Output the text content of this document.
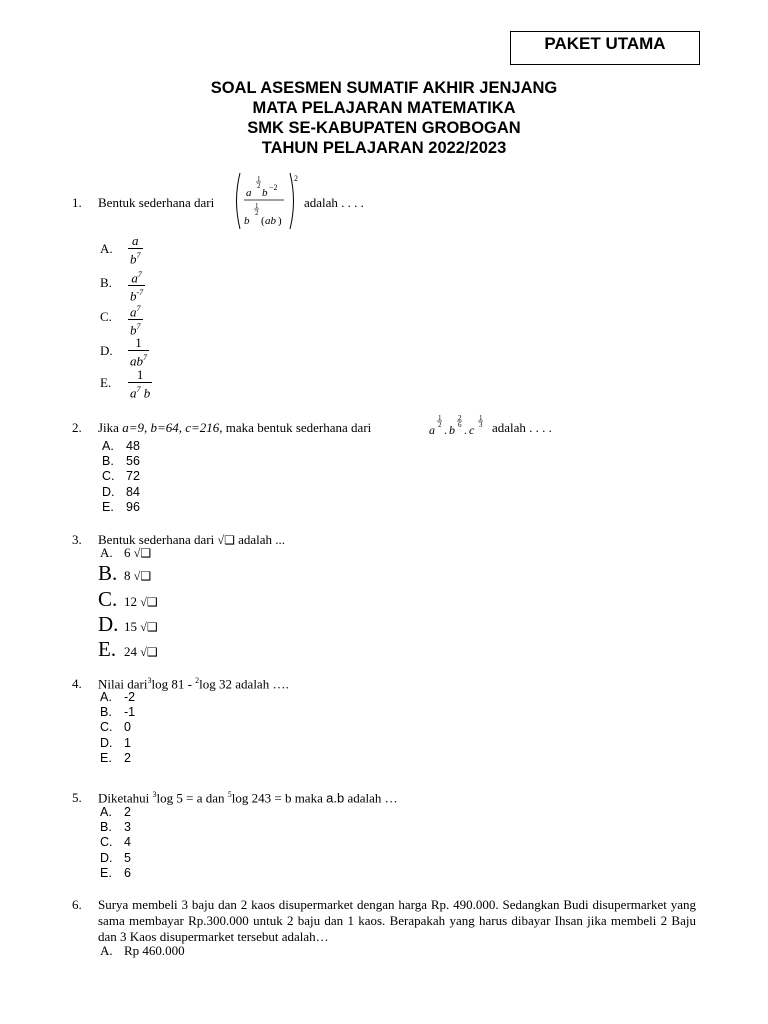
PAKET UTAMA
SOAL ASESMEN SUMATIF AKHIR JENJANG
MATA PELAJARAN MATEMATIKA
SMK SE-KABUPATEN GROBOGAN
TAHUN PELAJARAN 2022/2023
1. Bentuk sederhana dari
2
1
2
a b −2
1
2
b ( ab )
adalah . . . .
A. $\frac{a}{b^7}$
B. $\frac{a^7}{b^{-7}}$
C. $\frac{a^7}{b^7}$
D. $\frac{1}{ab^7}$
E. $\frac{1}{a^7 b}$
2. Jika a=9, b=64, c=216, maka bentuk sederhana dari	a
1
2 . b
2
6 . c
1
3 adalah . . . .
A. 48
B. 56
C. 72
D. 84
E. 96
3. Bentuk sederhana dari √❑ adalah ...
A. 6 √❑
B. 8 √❑
C. 12 √❑
D. 15 √❑
E. 24 √❑
4. Nilai dari$^3$log 81 - $^2$log 32 adalah ….
A. -2
B. -1
C. 0
D. 1
E. 2
5. Diketahui $^3$log 5 = a dan $^5$log 243 = b maka a.b adalah …
A. 2
B. 3
C. 4
D. 5
E. 6
6. Surya membeli 3 baju dan 2 kaos disupermarket dengan harga Rp. 490.000. Sedangkan Budi disupermarket yang sama membayar Rp.300.000 untuk 2 baju dan 1 kaos. Berapakah yang harus dibayar Ihsan jika membeli 2 Baju dan 3 Kaos disupermarket tersebut adalah…
A. Rp 460.000
